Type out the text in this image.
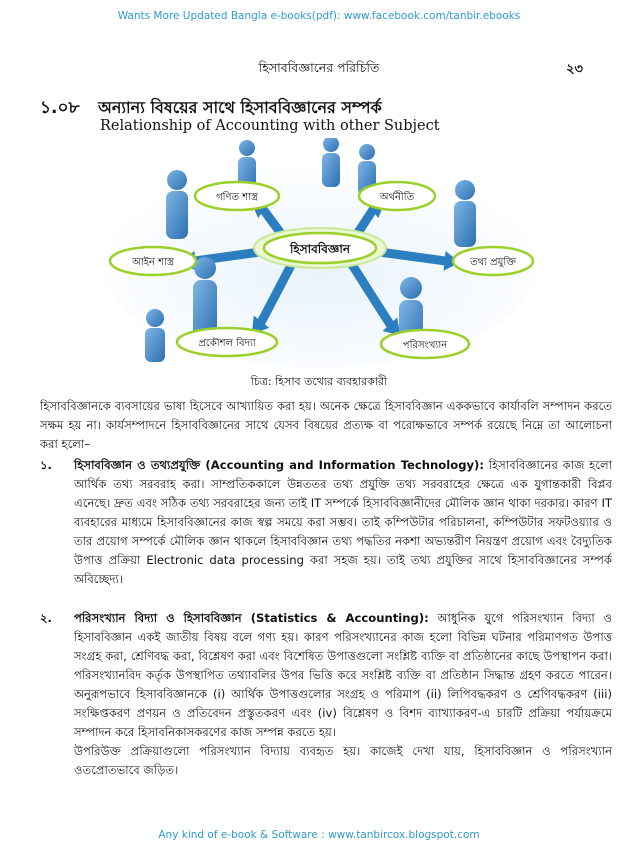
Wants More Updated Bangla e-books(pdf): www.facebook.com/tanbir.ebooks
হিসাববিজ্ঞানের পরিচিতি	২৩
১.০৮ অন্যান্য বিষয়ের সাথে হিসাববিজ্ঞানের সম্পর্ক
Relationship of Accounting with other Subject
হিসাববিজ্ঞান
গণিত শাস্ত্র	অর্থনীতি
আইন শাস্ত্র	তথ্য প্রযুক্তি
প্রকৌশল বিদ্যা	পরিসংখ্যান
চিত্র: হিসাব তথ্যের ব্যবহারকারী
হিসাববিজ্ঞানকে ব্যবসায়ের ভাষা হিসেবে আখ্যায়িত করা হয়। অনেক ক্ষেত্রে হিসাববিজ্ঞান এককভাবে কার্যাবলি সম্পাদন করতে সক্ষম হয় না। কার্যসম্পাদনে হিসাববিজ্ঞানের সাথে যেসব বিষয়ের প্রত্যক্ষ বা পরোক্ষভাবে সম্পর্ক রয়েছে নিম্নে তা আলোচনা করা হলো–
১. হিসাববিজ্ঞান ও তথ্যপ্রযুক্তি (Accounting and Information Technology): হিসাববিজ্ঞানের কাজ হলো আর্থিক তথ্য সরবরাহ করা। সাম্প্রতিককালে উন্নততর তথ্য প্রযুক্তি তথ্য সরবরাহের ক্ষেত্রে এক যুগান্তকারী বিপ্লব এনেছে। দ্রুত এবং সঠিক তথ্য সরবরাহের জন্য তাই IT সম্পর্কে হিসাববিজ্ঞানীদের মৌলিক জ্ঞান থাকা দরকার। কারণ IT ব্যবহারের মাধ্যমে হিসাববিজ্ঞানের কাজ স্বল্প সময়ে করা সম্ভব। তাই কম্পিউটার পরিচালনা, কম্পিউটার সফটওয়্যার ও তার প্রয়োগ সম্পর্কে মৌলিক জ্ঞান থাকলে হিসাববিজ্ঞান তথ্য পদ্ধতির নকশা অভ্যন্তরীণ নিয়ন্ত্রণ প্রয়োগ এবং বৈদ্যুতিক উপাত্ত প্রক্রিয়া Electronic data processing করা সহজ হয়। তাই তথ্য প্রযুক্তির সাথে হিসাববিজ্ঞানের সম্পর্ক অবিচ্ছেদ্য।
২. পরিসংখ্যান বিদ্যা ও হিসাববিজ্ঞান (Statistics & Accounting): আধুনিক যুগে পরিসংখ্যান বিদ্যা ও হিসাববিজ্ঞান একই জাতীয় বিষয় বলে গণ্য হয়। কারণ পরিসংখ্যানের কাজ হলো বিভিন্ন ঘটনার পরিমাণগত উপাত্ত সংগ্রহ করা, শ্রেণিবদ্ধ করা, বিশ্লেষণ করা এবং বিশেষিত উপাত্তগুলো সংশ্লিষ্ট ব্যক্তি বা প্রতিষ্ঠানের কাছে উপস্থাপন করা। পরিসংখ্যানবিদ কর্তৃক উপস্থাপিত তথ্যাবলির উপর ভিত্তি করে সংশ্লিষ্ট ব্যক্তি বা প্রতিষ্ঠান সিদ্ধান্ত গ্রহণ করতে পারেন। অনুরূপভাবে হিসাববিজ্ঞানকে (i) আর্থিক উপাত্তগুলোর সংগ্রহ ও পরিমাপ (ii) লিপিবদ্ধকরণ ও শ্রেণিবদ্ধকরণ (iii) সংক্ষিপ্তকরণ প্রণয়ন ও প্রতিবেদন প্রস্তুতকরণ এবং (iv) বিশ্লেষণ ও বিশদ ব্যাখ্যাকরণ-এ চারটি প্রক্রিয়া পর্যায়ক্রমে সম্পাদন করে হিসাবনিকাসকরণের কাজ সম্পন্ন করতে হয়।
উপরিউক্ত প্রক্রিয়াগুলো পরিসংখ্যান বিদ্যায় ব্যবহৃত হয়। কাজেই দেখা যায়, হিসাববিজ্ঞান ও পরিসংখ্যান ওতপ্রোতভাবে জড়িত।
Any kind of e-book & Software : www.tanbircox.blogspot.com
